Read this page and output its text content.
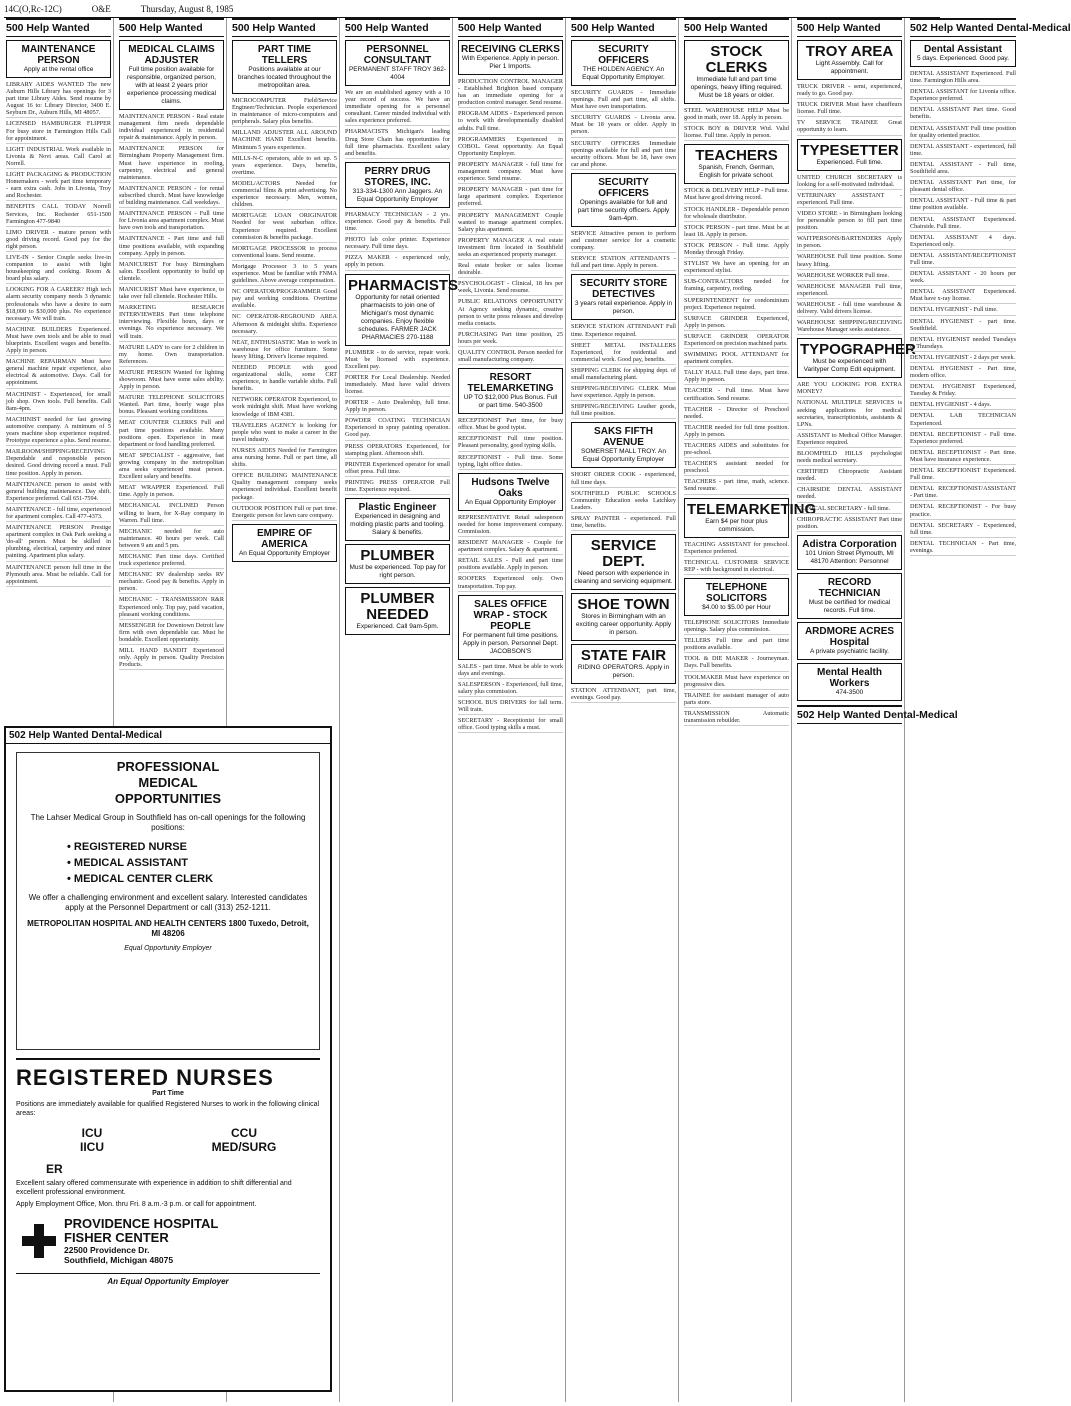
14C(O,Rc-12C)	O&E	Thursday, August 8, 1985
500 Help Wanted
MAINTENANCE PERSON
Apply at the rental office

LIBRARY AIDES WANTED The new Auburn Hills Library has openings for 3 part time Library Aides. Send resume by August 16 to: Library Director, 3400 E. Seyburn Dr., Auburn Hills, MI 48057.

LICENSED HAMBURGER FLIPPER For busy store in Farmington Hills Call for appointment.

LIGHT INDUSTRIAL Work available in Livonia & Novi areas. Call Carol at Norrell.

LIGHT PACKAGING & PRODUCTION Homemakers - work part time temporary - earn extra cash. Jobs in Livonia, Troy and Rochester.

BENEFITS CALL TODAY Norrell Services, Inc. Rochester 651-1500 Farmington 477-9840

LIMO DRIVER - mature person with good driving record. Good pay for the right person.

LIVE-IN - Senior Couple seeks live-in companion to assist with light housekeeping and cooking. Room & board plus salary.

LOOKING FOR A CAREER? High tech alarm security company needs 3 dynamic professionals who have a desire to earn $18,000 to $30,000 plus. No experience necessary. We will train.

MACHINE BUILDERS Experienced. Must have own tools and be able to read blueprints. Excellent wages and benefits. Apply in person.

MACHINE REPAIRMAN Must have general machine repair experience, also electrical & automotive. Days. Call for appointment.

MACHINIST - Experienced, for small job shop. Own tools. Full benefits. Call 8am-4pm.

MACHINIST needed for fast growing automotive company. A minimum of 5 years machine shop experience required. Prototype experience a plus. Send resume.

MAILROOM/SHIPPING/RECEIVING Dependable and responsible person desired. Good driving record a must. Full time position. Apply in person.

MAINTENANCE person to assist with general building maintenance. Day shift. Experience preferred. Call 651-7594.

MAINTENANCE - full time, experienced for apartment complex. Call 477-4373.

MAINTENANCE PERSON Prestige apartment complex in Oak Park seeking a 'do-all' person. Must be skilled in plumbing, electrical, carpentry and minor painting. Apartment plus salary.

MAINTENANCE person full time in the Plymouth area. Must be reliable. Call for appointment.

500 Help Wanted
MEDICAL CLAIMS ADJUSTER
Full time position available for responsible, organized person, with at least 2 years prior experience processing medical claims.

MAINTENANCE PERSON - Real estate management firm needs dependable individual experienced in residential repair & maintenance. Apply in person.

MAINTENANCE PERSON for Birmingham Property Management firm. Must have experience in roofing, carpentry, electrical and general maintenance.

MAINTENANCE PERSON - for rental subscribed church. Must have knowledge of building maintenance. Call weekdays.

MAINTENANCE PERSON - Full time for Livonia area apartment complex. Must have own tools and transportation.

MAINTENANCE - Part time and full time positions available, with expanding company. Apply in person.

MANICURIST For busy Birmingham salon. Excellent opportunity to build up clientele.

MANICURIST Must have experience, to take over full clientele. Rochester Hills.

MARKETING RESEARCH INTERVIEWERS Part time telephone interviewing. Flexible hours, days or evenings. No experience necessary. We will train.

MATURE LADY to care for 2 children in my home. Own transportation. References.

MATURE PERSON Wanted for lighting showroom. Must have some sales ability. Apply in person.

MATURE TELEPHONE SOLICITORS Wanted. Part time, hourly wage plus bonus. Pleasant working conditions.

MEAT COUNTER CLERKS Full and part time positions available. Many positions open. Experience in meat department or food handling preferred.

MEAT SPECIALIST - aggressive, fast growing company in the metropolitan area seeks experienced meat person. Excellent salary and benefits.

MEAT WRAPPER Experienced. Full time. Apply in person.

MECHANICAL INCLINED Person willing to learn, for X-Ray company in Warren. Full time.

MECHANIC needed for auto maintenance. 40 hours per week. Call between 9 am and 5 pm.

MECHANIC Part time days. Certified truck experience preferred.

MECHANIC RV dealership seeks RV mechanic. Good pay & benefits. Apply in person.

MECHANIC - TRANSMISSION R&R Experienced only. Top pay, paid vacation, pleasant working conditions.

MESSENGER for Downtown Detroit law firm with own dependable car. Must be bondable. Excellent opportunity.

MILL HAND BANDIT Experienced only. Apply in person. Quality Precision Products.

500 Help Wanted
PART TIME TELLERS
Positions available at our branches located throughout the metropolitan area.

MICROCOMPUTER Field/Service Engineer/Technician. People experienced in maintenance of micro-computers and peripherals. Salary plus benefits.

MILLAND ADJUSTER ALL AROUND MACHINE HAND Excellent benefits. Minimum 5 years experience.

MILLS-N-C operators, able to set up. 5 years experience. Days, benefits, overtime.

MODEL/ACTORS Needed for commercial films & print advertising. No experience necessary. Men, women, children.

MORTGAGE LOAN ORIGINATOR Needed for west suburban office. Experience required. Excellent commission & benefits package.

MORTGAGE PROCESSOR to process conventional loans. Send resume.

Mortgage Processor 3 to 5 years experience. Must be familiar with FNMA guidelines. Above average compensation.

NC OPERATOR/PROGRAMMER Good pay and working conditions. Overtime available.

NC OPERATOR-REGROUND AREA Afternoon & midnight shifts. Experience necessary.

NEAT, ENTHUSIASTIC Man to work in warehouse for office furniture. Some heavy lifting. Driver's license required.

NEEDED PEOPLE with good organizational skills, some CRT experience, to handle variable shifts. Full benefits.

NETWORK OPERATOR Experienced, to work midnight shift. Must have working knowledge of IBM 4381.

TRAVELERS AGENCY is looking for people who want to make a career in the travel industry.

NURSES AIDES Needed for Farmington area nursing home. Full or part time, all shifts.

OFFICE BUILDING MAINTENANCE Quality management company seeks experienced individual. Excellent benefit package.

OUTDOOR POSITION Full or part time. Energetic person for lawn care company.

EMPIRE OF AMERICA
An Equal Opportunity Employer
500 Help Wanted
PERSONNEL CONSULTANT
PERMANENT STAFF TROY 362-4004

We are an established agency with a 10 year record of success. We have an immediate opening for a personnel consultant. Career minded individual with sales experience preferred.

PHARMACISTS Michigan's leading Drug Store Chain has opportunities for full time pharmacists. Excellent salary and benefits.

PERRY DRUG STORES, INC.
313-334-1300 Ann Jaggers. An Equal Opportunity Employer

PHARMACY TECHNICIAN - 2 yrs. experience. Good pay & benefits. Full time.

PHOTO lab color printer. Experience necessary. Full time days.

PIZZA MAKER - experienced only, apply in person.

PHARMACISTS
Opportunity for retail oriented pharmacists to join one of Michigan's most dynamic companies. Enjoy flexible schedules. FARMER JACK PHARMACIES 270-1188

PLUMBER - to do service, repair work. Must be licensed with experience. Excellent pay.

PORTER For Local Dealership. Needed immediately. Must have valid drivers license.

PORTER - Auto Dealership, full time. Apply in person.

POWDER COATING TECHNICIAN Experienced in spray painting operation. Good pay.

PRESS OPERATORS Experienced, for stamping plant. Afternoon shift.

PRINTER Experienced operator for small offset press. Full time.

PRINTING PRESS OPERATOR Full time. Experience required.

Plastic Engineer
Experienced in designing and molding plastic parts and tooling. Salary & benefits.
PLUMBER
Must be experienced. Top pay for right person.
PLUMBER NEEDED
Experienced. Call 9am-5pm.
500 Help Wanted
RECEIVING CLERKS
With Experience. Apply in person. Pier 1 Imports.

PRODUCTION CONTROL MANAGER - Established Brighton based company has an immediate opening for a production control manager. Send resume.

PROGRAM AIDES - Experienced person to work with developmentally disabled adults. Full time.

PROGRAMMERS Experienced in COBOL. Great opportunity. An Equal Opportunity Employer.

PROPERTY MANAGER - full time for management company. Must have experience. Send resume.

PROPERTY MANAGER - part time for large apartment complex. Experience preferred.

PROPERTY MANAGEMENT Couple wanted to manage apartment complex. Salary plus apartment.

PROPERTY MANAGER A real estate investment firm located in Southfield seeks an experienced property manager.

Real estate broker or sales license desirable.

PSYCHOLOGIST - Clinical, 18 hrs per week, Livonia. Send resume.

PUBLIC RELATIONS OPPORTUNITY At Agency seeking dynamic, creative person to write press releases and develop media contacts.

PURCHASING Part time position, 25 hours per week.

QUALITY CONTROL Person needed for small manufacturing company.

RESORT TELEMARKETING
UP TO $12,000 Plus Bonus. Full or part time. 540-3500

RECEPTIONIST Part time, for busy office. Must be good typist.

RECEPTIONIST Full time position. Pleasant personality, good typing skills.

RECEPTIONIST - Full time. Some typing, light office duties.

Hudsons Twelve Oaks
An Equal Opportunity Employer

REPRESENTATIVE Retail salesperson needed for home improvement company. Commission.

RESIDENT MANAGER - Couple for apartment complex. Salary & apartment.

RETAIL SALES - Full and part time positions available. Apply in person.

ROOFERS Experienced only. Own transportation. Top pay.

SALES OFFICE WRAP - STOCK PEOPLE
For permanent full time positions. Apply in person. Personnel Dept. JACOBSON'S

SALES - part time. Must be able to work days and evenings.

SALESPERSON - Experienced, full time, salary plus commission.

SCHOOL BUS DRIVERS for fall term. Will train.

SECRETARY - Receptionist for small office. Good typing skills a must.

500 Help Wanted
SECURITY OFFICERS
THE HOLDEN AGENCY. An Equal Opportunity Employer.

SECURITY GUARDS - Immediate openings. Full and part time, all shifts. Must have own transportation.

SECURITY GUARDS - Livonia area. Must be 18 years or older. Apply in person.

SECURITY OFFICERS Immediate openings available for full and part time security officers. Must be 18, have own car and phone.

SECURITY OFFICERS
Openings available for full and part time security officers. Apply 9am-4pm.

SERVICE Attractive person to perform and customer service for a cosmetic company.

SERVICE STATION ATTENDANTS - full and part time. Apply in person.

SECURITY STORE DETECTIVES
3 years retail experience. Apply in person.

SERVICE STATION ATTENDANT Full time. Experience required.

SHEET METAL INSTALLERS Experienced, for residential and commercial work. Good pay, benefits.

SHIPPING CLERK for shipping dept. of small manufacturing plant.

SHIPPING/RECEIVING CLERK Must have experience. Apply in person.

SHIPPING/RECEIVING Leather goods, full time position.

SAKS FIFTH AVENUE
SOMERSET MALL TROY. An Equal Opportunity Employer

SHORT ORDER COOK - experienced, full time days.

SOUTHFIELD PUBLIC SCHOOLS Community Education seeks Latchkey Leaders.

SPRAY PAINTER - experienced. Full time, benefits.

SERVICE DEPT.
Need person with experience in cleaning and servicing equipment.
SHOE TOWN
Stores in Birmingham with an exciting career opportunity. Apply in person.
STATE FAIR
RIDING OPERATORS. Apply in person.

STATION ATTENDANT, part time, evenings. Good pay.

500 Help Wanted
STOCK CLERKS
Immediate full and part time openings, heavy lifting required. Must be 18 years or older.

STEEL WAREHOUSE HELP Must be good in math, over 18. Apply in person.

STOCK BOY & DRIVER Wtd. Valid license. Full time. Apply in person.

TEACHERS
Spanish, French, German, English for private school.

STOCK & DELIVERY HELP - Full time. Must have good driving record.

STOCK HANDLER - Dependable person for wholesale distributor.

STOCK PERSON - part time. Must be at least 18. Apply in person.

STOCK PERSON - Full time. Apply Monday through Friday.

STYLIST We have an opening for an experienced stylist.

SUB-CONTRACTORS needed for framing, carpentry, roofing.

SUPERINTENDENT for condominium project. Experience required.

SURFACE GRINDER Experienced, Apply in person.

SURFACE GRINDER OPERATOR Experienced on precision machined parts.

SWIMMING POOL ATTENDANT for apartment complex.

TALLY HALL Full time days, part time. Apply in person.

TEACHER - Full time. Must have certification. Send resume.

TEACHER - Director of Preschool needed.

TEACHER needed for full time position. Apply in person.

TEACHERS AIDES and substitutes for pre-school.

TEACHER'S assistant needed for preschool.

TEACHERS - part time, math, science. Send resume.

TELEMARKETING
Earn $4 per hour plus commission.

TEACHING ASSISTANT for preschool. Experience preferred.

TECHNICAL CUSTOMER SERVICE REP - with background in electrical.

TELEPHONE SOLICITORS
$4.00 to $5.00 per Hour

TELEPHONE SOLICITORS Immediate openings. Salary plus commission.

TELLERS Full time and part time positions available.

TOOL & DIE MAKER - Journeyman. Days. Full benefits.

TOOLMAKER Must have experience on progressive dies.

TRAINEE for assistant manager of auto parts store.

TRANSMISSION Automatic transmission rebuilder.

500 Help Wanted
TROY AREA
Light Assembly. Call for appointment.

TRUCK DRIVER - semi, experienced, ready to go. Good pay.

TRUCK DRIVER Must have chauffeurs license. Full time.

TV SERVICE TRAINEE Great opportunity to learn.

TYPESETTER
Experienced. Full time.

UNITED CHURCH SECRETARY is looking for a self-motivated individual.

VETERINARY ASSISTANT - experienced. Full time.

VIDEO STORE - in Birmingham looking for personable person to fill part time position.

WAITPERSONS/BARTENDERS Apply in person.

WAREHOUSE Full time position. Some heavy lifting.

WAREHOUSE WORKER Full time.

WAREHOUSE MANAGER Full time, experienced.

WAREHOUSE - full time warehouse & delivery. Valid drivers license.

WAREHOUSE SHIPPING/RECEIVING Warehouse Manager seeks assistance.

TYPOGRAPHER
Must be experienced with Varityper Comp Edit equipment.

ARE YOU LOOKING FOR EXTRA MONEY?

NATIONAL MULTIPLE SERVICES is seeking applications for medical secretaries, transcriptionists, assistants & LPNs.

ASSISTANT to Medical Office Manager. Experience required.

BLOOMFIELD HILLS psychologist needs medical secretary.

CERTIFIED Chiropractic Assistant needed.

CHAIRSIDE DENTAL ASSISTANT needed.

CLINICAL SECRETARY - full time.

CHIROPRACTIC ASSISTANT Part time position.

Adistra Corporation
101 Union Street Plymouth, MI 48170 Attention: Personnel
RECORD TECHNICIAN
Must be certified for medical records. Full time.
ARDMORE ACRES Hospital
A private psychiatric facility.
Mental Health Workers
474-3500
502 Help Wanted Dental-Medical
502 Help Wanted Dental-Medical
Dental Assistant
5 days. Experienced. Good pay.

DENTAL ASSISTANT Experienced. Full time. Farmington Hills area.

DENTAL ASSISTANT for Livonia office. Experience preferred.

DENTAL ASSISTANT Part time. Good benefits.

DENTAL ASSISTANT Full time position for quality oriented practice.

DENTAL ASSISTANT - experienced, full time.

DENTAL ASSISTANT - Full time, Southfield area.

DENTAL ASSISTANT Part time, for pleasant dental office.

DENTAL ASSISTANT - Full time & part time position available.

DENTAL ASSISTANT Experienced. Chairside. Full time.

DENTAL ASSISTANT 4 days. Experienced only.

DENTAL ASSISTANT/RECEPTIONIST Full time.

DENTAL ASSISTANT - 20 hours per week.

DENTAL ASSISTANT Experienced. Must have x-ray license.

DENTAL HYGIENIST - Full time.

DENTAL HYGIENIST - part time. Southfield.

DENTAL HYGIENIST needed Tuesdays & Thursdays.

DENTAL HYGIENIST - 2 days per week.

DENTAL HYGIENIST - Part time, modern office.

DENTAL HYGIENIST Experienced, Tuesday & Friday.

DENTAL HYGIENIST - 4 days.

DENTAL LAB TECHNICIAN Experienced.

DENTAL RECEPTIONIST - Full time. Experience preferred.

DENTAL RECEPTIONIST - Part time. Must have insurance experience.

DENTAL RECEPTIONIST Experienced. Full time.

DENTAL RECEPTIONIST/ASSISTANT - Part time.

DENTAL RECEPTIONIST - For busy practice.

DENTAL SECRETARY - Experienced, full time.

DENTAL TECHNICIAN - Part time, evenings.

502 Help Wanted Dental-Medical
PROFESSIONAL
MEDICAL
OPPORTUNITIES
The Lahser Medical Group in Southfield has on-call openings for the following positions:
• REGISTERED NURSE
• MEDICAL ASSISTANT
• MEDICAL CENTER CLERK
We offer a challenging environment and excellent salary. Interested candidates apply at the Personnel Department or call (313) 252-1211.
METROPOLITAN HOSPITAL AND HEALTH CENTERS 1800 Tuxedo, Detroit, MI 48206
Equal Opportunity Employer
REGISTERED NURSES
Part Time
Positions are immediately available for qualified Registered Nurses to work in the following clinical areas:
ICU
IICU
CCU
MED/SURG
ER
Excellent salary offered commensurate with experience in addition to shift differential and excellent professional environment.
Apply Employment Office, Mon. thru Fri. 8 a.m.-3 p.m. or call for appointment.
PROVIDENCE HOSPITAL
FISHER CENTER
22500 Providence Dr.
Southfield, Michigan 48075
An Equal Opportunity Employer
